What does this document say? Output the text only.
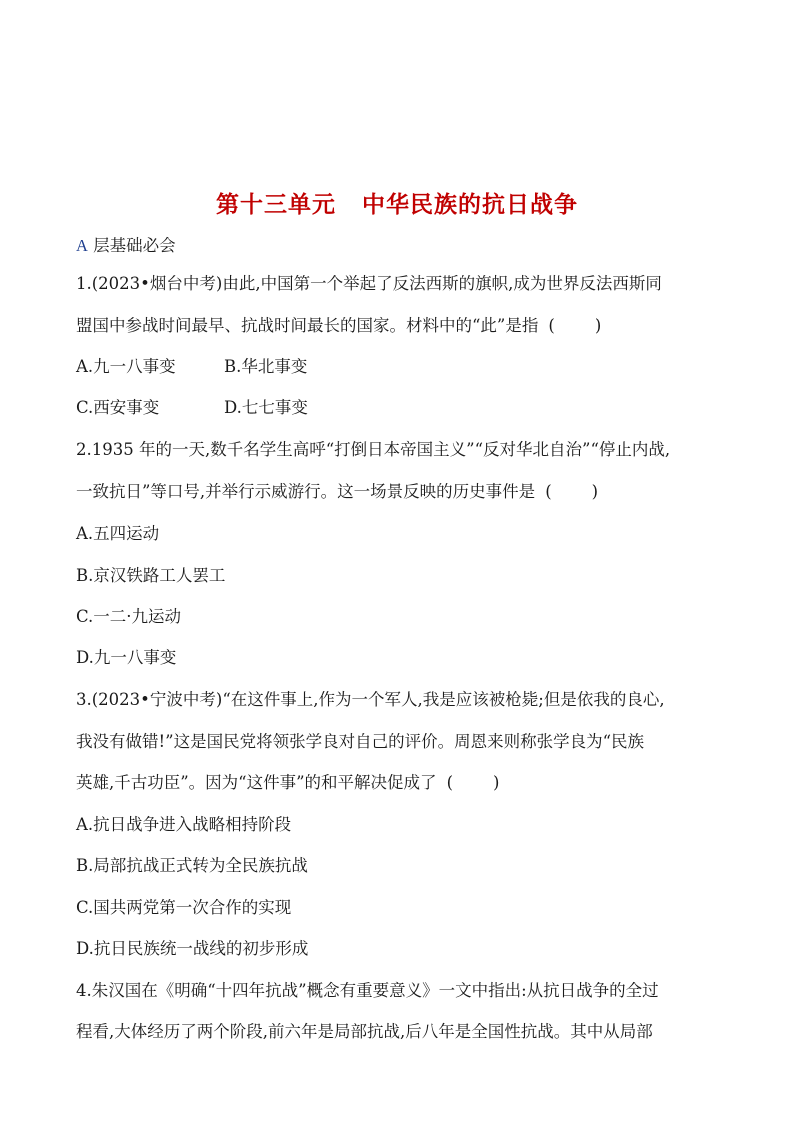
第十三单元 中华民族的抗日战争
A 层基础必会
1.(2023•烟台中考)由此,中国第一个举起了反法西斯的旗帜,成为世界反法西斯同
盟国中参战时间最早、抗战时间最长的国家。材料中的“此”是指 ( )
A.九一八事变	B.华北事变
C.西安事变	D.七七事变
2.1935 年的一天,数千名学生高呼“打倒日本帝国主义”“反对华北自治”“停止内战,
一致抗日”等口号,并举行示威游行。这一场景反映的历史事件是 ( )
A.五四运动
B.京汉铁路工人罢工
C.一二·九运动
D.九一八事变
3.(2023•宁波中考)“在这件事上,作为一个军人,我是应该被枪毙;但是依我的良心,
我没有做错!”这是国民党将领张学良对自己的评价。周恩来则称张学良为“民族
英雄,千古功臣”。因为“这件事”的和平解决促成了 ( )
A.抗日战争进入战略相持阶段
B.局部抗战正式转为全民族抗战
C.国共两党第一次合作的实现
D.抗日民族统一战线的初步形成
4.朱汉国在《明确“十四年抗战”概念有重要意义》一文中指出:从抗日战争的全过
程看,大体经历了两个阶段,前六年是局部抗战,后八年是全国性抗战。其中从局部
